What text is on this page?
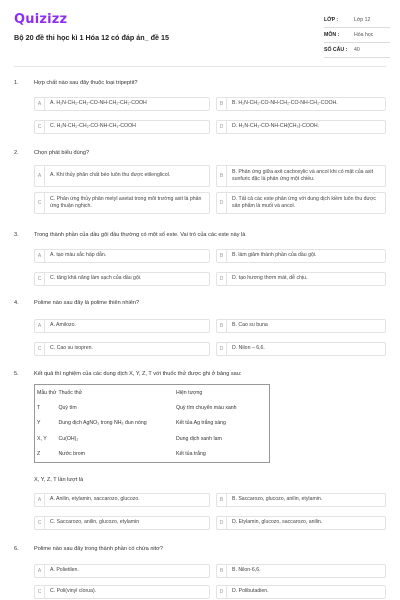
Quizizz
Bộ 20 đề thi học kì 1 Hóa 12 có đáp án_ đề 15
LỚP :	Lớp 12
MÔN :	Hóa học
SỐ CÂU :	40
1.	Hợp chất nào sau đây thuộc loại tripeptit?
A	A. H₂N-CH₂-CH₂-CO-NH-CH₂-CH₂-COOH	B	B. H₂N-CH₂-CO-NH-CH₂-CO-NH-CH₂-COOH.
C	C. H₂N-CH₂-CH₂-CO-NH-CH₂-COOH	D	D. H₂N-CH₂-CO-NH-CH(CH₃)-COOH.
2.	Chọn phát biểu đúng?
A	A. Khi thủy phân chất béo luôn thu được etilenglicol.	B
B. Phản ứng giữa axit cacboxylic và ancol khi có mặt của axit sunfuric đặc là phản ứng một chiều.
C
C. Phản ứng thủy phân metyl axetat trong môi trường axit là phản ứng thuận nghịch.	D
D. Tất cả các este phản ứng với dung dịch kiềm luôn thu được sản phẩm là muối và ancol.
3.	Trong thành phần của dầu gội đầu thường có một số este. Vai trò của các este này là
A	A. tạo màu sắc hấp dẫn.	B	B. làm giảm thành phần của dầu gội.
C	C. tăng khả năng làm sạch của dầu gội.	D	D. tạo hương thơm mát, dễ chịu.
4.	Polime nào sau đây là polime thiên nhiên?
A	A. Amilozo.	B	B. Cao su buna
C	C. Cao su isopren.	D	D. Nilon – 6,6.
5.	Kết quả thí nghiệm của các dung dịch X, Y, Z, T với thuốc thử được ghi ở bảng sau:
Mẫu thử	Thuốc thử	Hiện tượng
T	Quỳ tím	Quỳ tím chuyển màu xanh
Y	Dung dịch AgNO₃ trong NH₃ đun nóng	Kết tủa Ag trắng sáng
X, Y	Cu(OH)₂	Dung dịch xanh lam
Z	Nước brom	Kết tủa trắng
X, Y, Z, T lần lượt là
A	A. Anilin, etylamin, saccarozo, glucozo.	B	B. Saccarozo, glucozo, anilin, etylamin.
C	C. Saccarozo, anilin, glucozo, etylamin	D	D. Etylamin, glucozo, saccarozo, anilin.
6.	Polime nào sau đây trong thành phần có chứa nitơ?
A	A. Polietilen.	B	B. Nilon-6,6.
C	C. Poli(vinyl clorua).	D	D. Polibutadien.
